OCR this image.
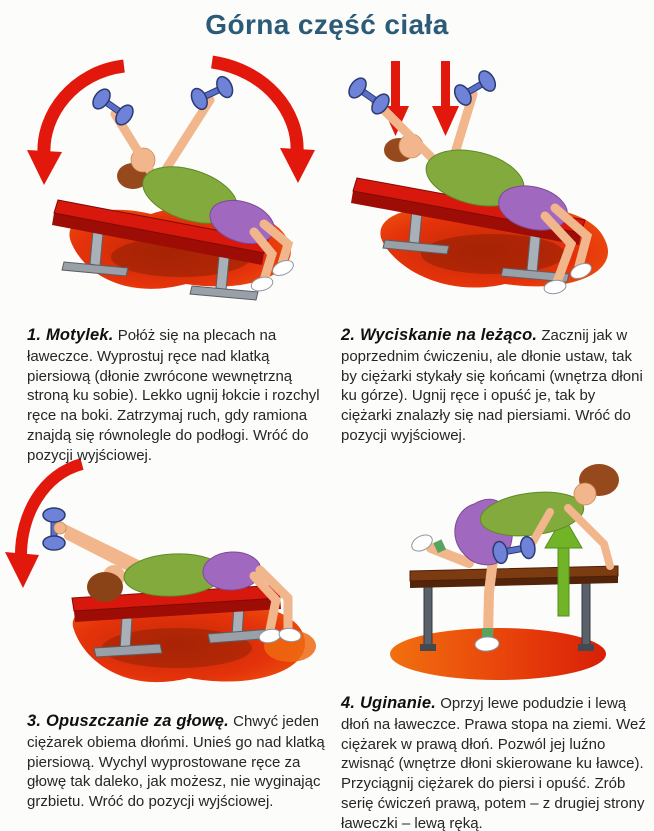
Górna część ciała

1. Motylek. Połóż się na plecach na ławeczce. Wyprostuj ręce nad klatką piersiową (dłonie zwrócone wewnętrzną stroną ku sobie). Lekko ugnij łokcie i rozchyl ręce na boki. Zatrzymaj ruch, gdy ramiona znajdą się równolegle do podłogi. Wróć do pozycji wyjściowej.

2. Wyciskanie na leżąco. Zacznij jak w poprzednim ćwiczeniu, ale dłonie ustaw, tak by ciężarki stykały się końcami (wnętrza dłoni ku górze). Ugnij ręce i opuść je, tak by ciężarki znalazły się nad piersiami. Wróć do pozycji wyjściowej.

3. Opuszczanie za głowę. Chwyć jeden ciężarek obiema dłońmi. Unieś go nad klatką piersiową. Wychyl wyprostowane ręce za głowę tak daleko, jak możesz, nie wyginając grzbietu. Wróć do pozycji wyjściowej.

4. Uginanie. Oprzyj lewe podudzie i lewą dłoń na ławeczce. Prawa stopa na ziemi. Weź ciężarek w prawą dłoń. Pozwól jej luźno zwisnąć (wnętrze dłoni skierowane ku ławce). Przyciągnij ciężarek do piersi i opuść. Zrób serię ćwiczeń prawą, potem – z drugiej strony ławeczki – lewą ręką.
